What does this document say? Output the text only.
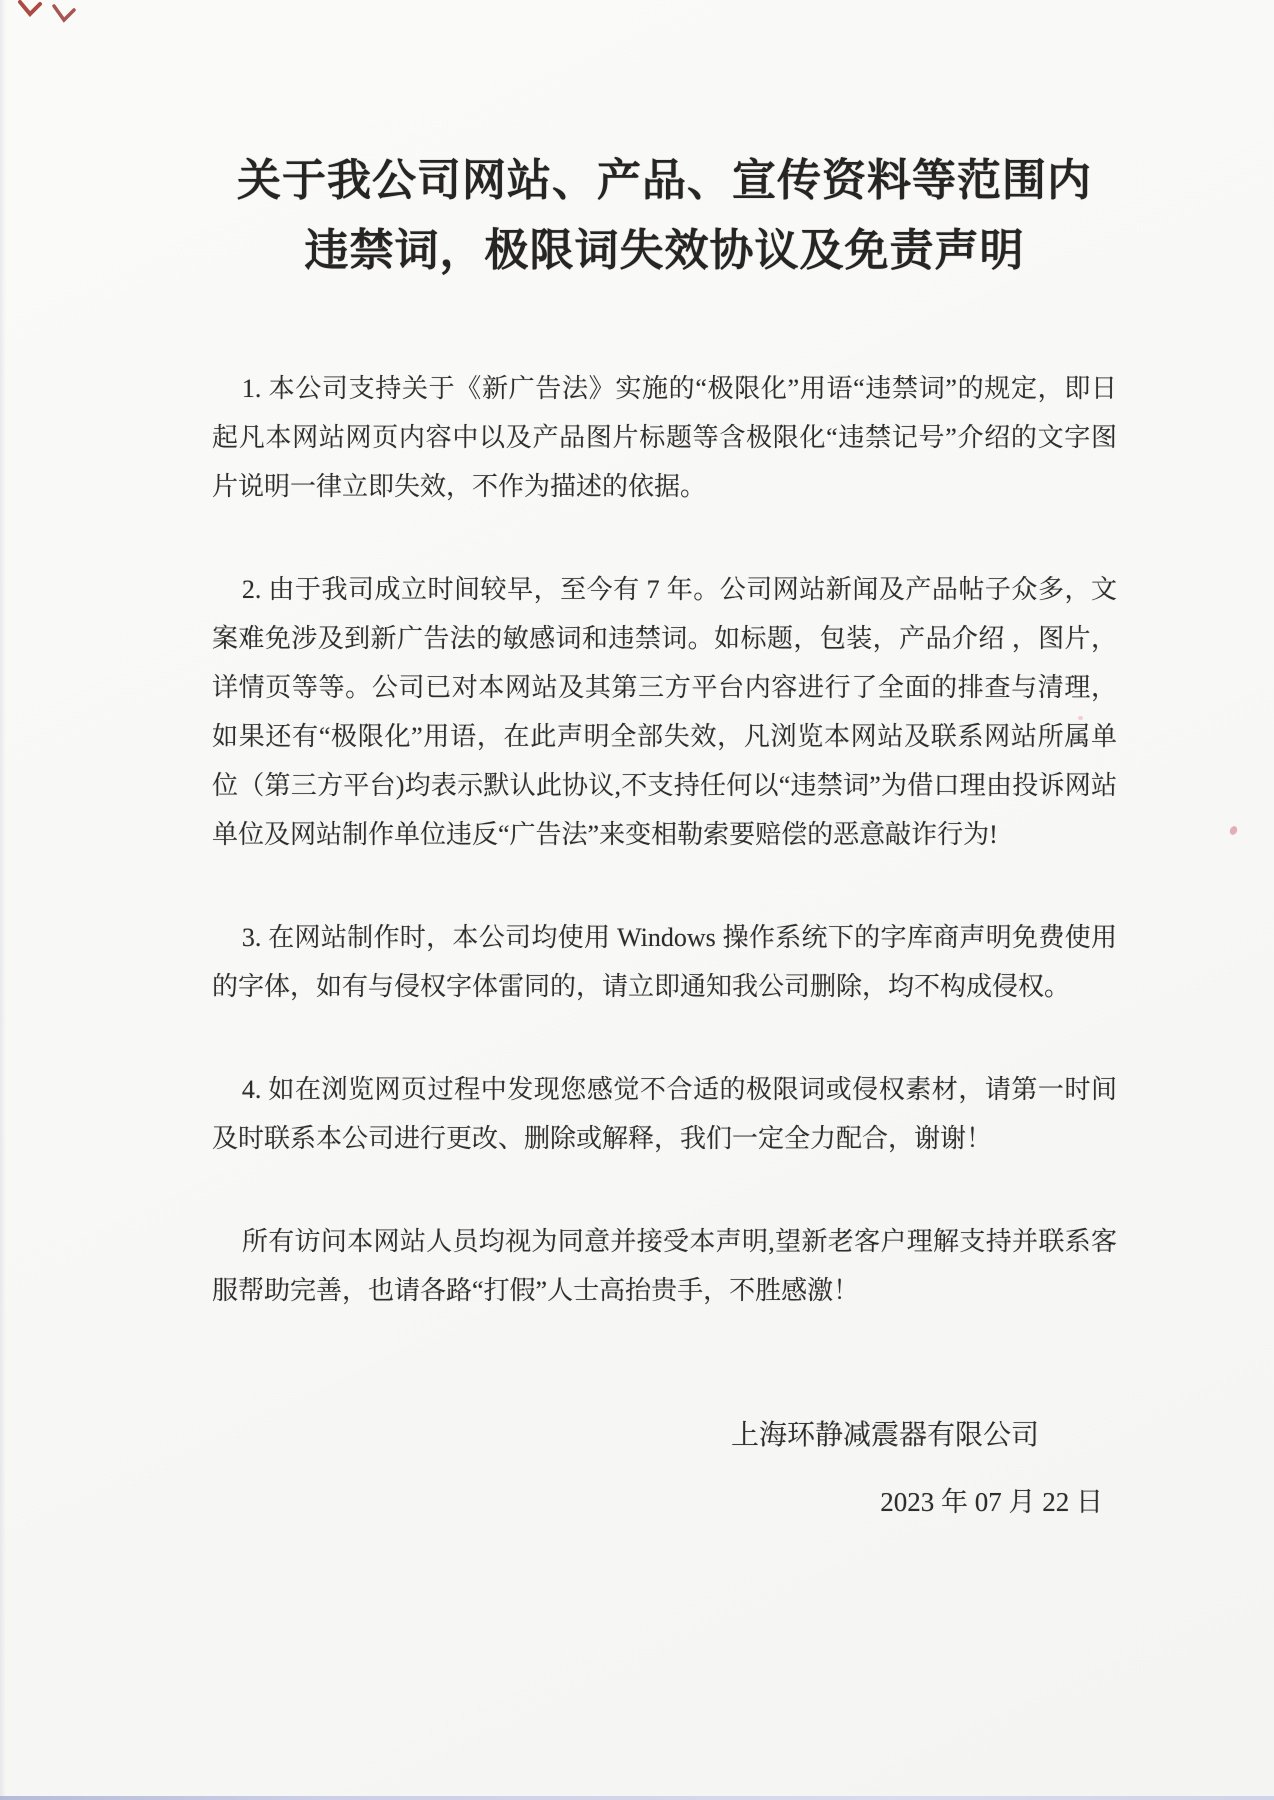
关于我公司网站、产品、宣传资料等范围内
违禁词，极限词失效协议及免责声明

1. 本公司支持关于《新广告法》实施的“极限化”用语“违禁词”的规定，即日起凡本网站网页内容中以及产品图片标题等含极限化“违禁记号”介绍的文字图片说明一律立即失效，不作为描述的依据。

2. 由于我司成立时间较早，至今有 7 年。公司网站新闻及产品帖子众多，文案难免涉及到新广告法的敏感词和违禁词。如标题，包装，产品介绍 ，图片，详情页等等。公司已对本网站及其第三方平台内容进行了全面的排查与清理，如果还有“极限化”用语，在此声明全部失效，凡浏览本网站及联系网站所属单位（第三方平台)均表示默认此协议,不支持任何以“违禁词”为借口理由投诉网站单位及网站制作单位违反“广告法”来变相勒索要赔偿的恶意敲诈行为!

3. 在网站制作时，本公司均使用 Windows 操作系统下的字库商声明免费使用的字体，如有与侵权字体雷同的，请立即通知我公司删除，均不构成侵权。

4. 如在浏览网页过程中发现您感觉不合适的极限词或侵权素材，请第一时间及时联系本公司进行更改、删除或解释，我们一定全力配合，谢谢！

所有访问本网站人员均视为同意并接受本声明,望新老客户理解支持并联系客服帮助完善，也请各路“打假”人士高抬贵手，不胜感激！

上海环静减震器有限公司
2023 年 07 月 22 日
